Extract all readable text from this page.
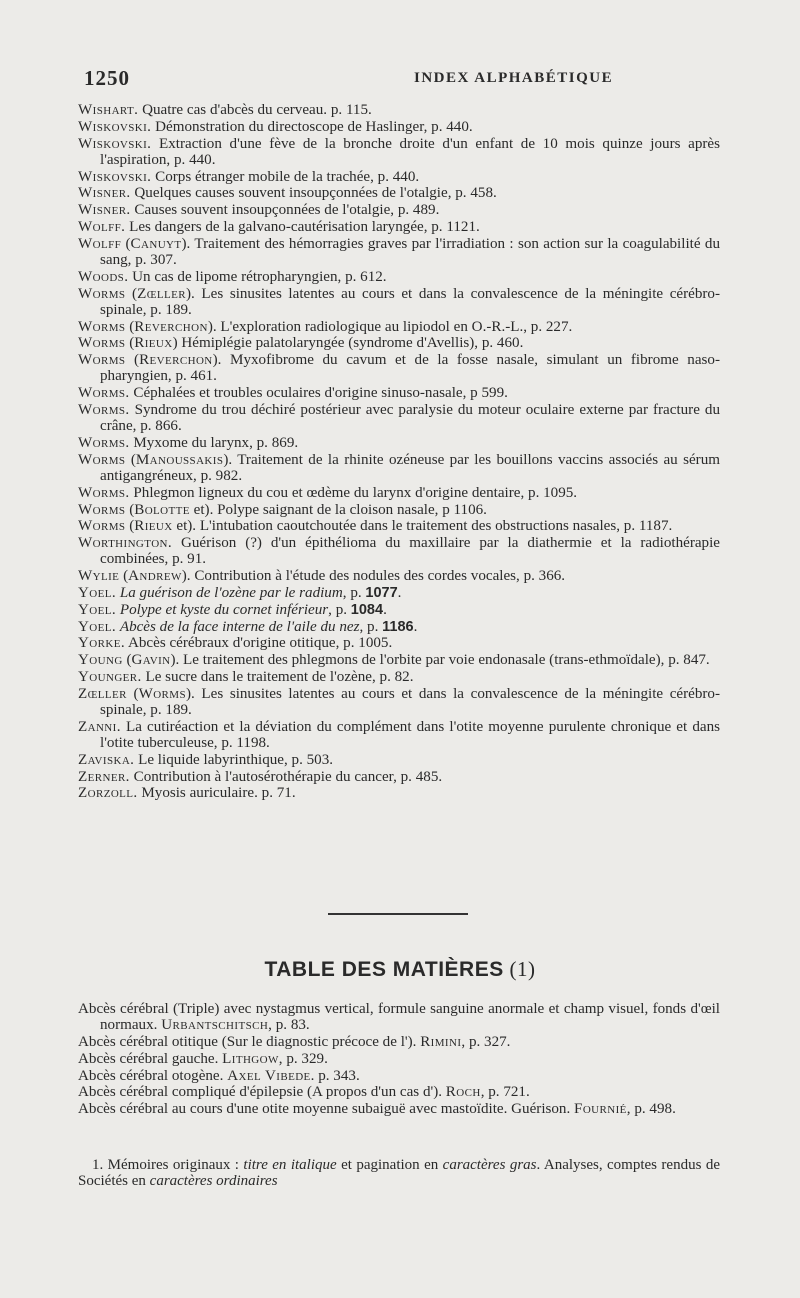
1250	INDEX ALPHABÉTIQUE

Wishart. Quatre cas d'abcès du cerveau. p. 115.

Wiskovski. Démonstration du directoscope de Haslinger, p. 440.

Wiskovski. Extraction d'une fève de la bronche droite d'un enfant de 10 mois quinze jours après l'aspiration, p. 440.

Wiskovski. Corps étranger mobile de la trachée, p. 440.

Wisner. Quelques causes souvent insoupçonnées de l'otalgie, p. 458.

Wisner. Causes souvent insoupçonnées de l'otalgie, p. 489.

Wolff. Les dangers de la galvano-cautérisation laryngée, p. 1121.

Wolff (Canuyt). Traitement des hémorragies graves par l'irradiation : son action sur la coagulabilité du sang, p. 307.

Woods. Un cas de lipome rétropharyngien, p. 612.

Worms (Zœller). Les sinusites latentes au cours et dans la convalescence de la méningite cérébro-spinale, p. 189.

Worms (Reverchon). L'exploration radiologique au lipiodol en O.-R.-L., p. 227.

Worms (Rieux) Hémiplégie palatolaryngée (syndrome d'Avellis), p. 460.

Worms (Reverchon). Myxofibrome du cavum et de la fosse nasale, simulant un fibrome naso-pharyngien, p. 461.

Worms. Céphalées et troubles oculaires d'origine sinuso-nasale, p 599.

Worms. Syndrome du trou déchiré postérieur avec paralysie du moteur oculaire externe par fracture du crâne, p. 866.

Worms. Myxome du larynx, p. 869.

Worms (Manoussakis). Traitement de la rhinite ozéneuse par les bouillons vaccins associés au sérum antigangréneux, p. 982.

Worms. Phlegmon ligneux du cou et œdème du larynx d'origine dentaire, p. 1095.

Worms (Bolotte et). Polype saignant de la cloison nasale, p 1106.

Worms (Rieux et). L'intubation caoutchoutée dans le traitement des obstructions nasales, p. 1187.

Worthington. Guérison (?) d'un épithélioma du maxillaire par la diathermie et la radiothérapie combinées, p. 91.

Wylie (Andrew). Contribution à l'étude des nodules des cordes vocales, p. 366.

Yoel. La guérison de l'ozène par le radium, p. 1077.

Yoel. Polype et kyste du cornet inférieur, p. 1084.

Yoel. Abcès de la face interne de l'aile du nez, p. 1186.

Yorke. Abcès cérébraux d'origine otitique, p. 1005.

Young (Gavin). Le traitement des phlegmons de l'orbite par voie endonasale (trans-ethmoïdale), p. 847.

Younger. Le sucre dans le traitement de l'ozène, p. 82.

Zœller (Worms). Les sinusites latentes au cours et dans la convalescence de la méningite cérébro-spinale, p. 189.

Zanni. La cutiréaction et la déviation du complément dans l'otite moyenne purulente chronique et dans l'otite tuberculeuse, p. 1198.

Zaviska. Le liquide labyrinthique, p. 503.

Zerner. Contribution à l'autosérothérapie du cancer, p. 485.

Zorzoll. Myosis auriculaire. p. 71.

TABLE DES MATIÈRES (1)

Abcès cérébral (Triple) avec nystagmus vertical, formule sanguine anormale et champ visuel, fonds d'œil normaux. Urbantschitsch, p. 83.

Abcès cérébral otitique (Sur le diagnostic précoce de l'). Rimini, p. 327.

Abcès cérébral gauche. Lithgow, p. 329.

Abcès cérébral otogène. Axel Vibede. p. 343.

Abcès cérébral compliqué d'épilepsie (A propos d'un cas d'). Roch, p. 721.

Abcès cérébral au cours d'une otite moyenne subaiguë avec mastoïdite. Guérison. Fournié, p. 498.

1. Mémoires originaux : titre en italique et pagination en caractères gras. Analyses, comptes rendus de Sociétés en caractères ordinaires
